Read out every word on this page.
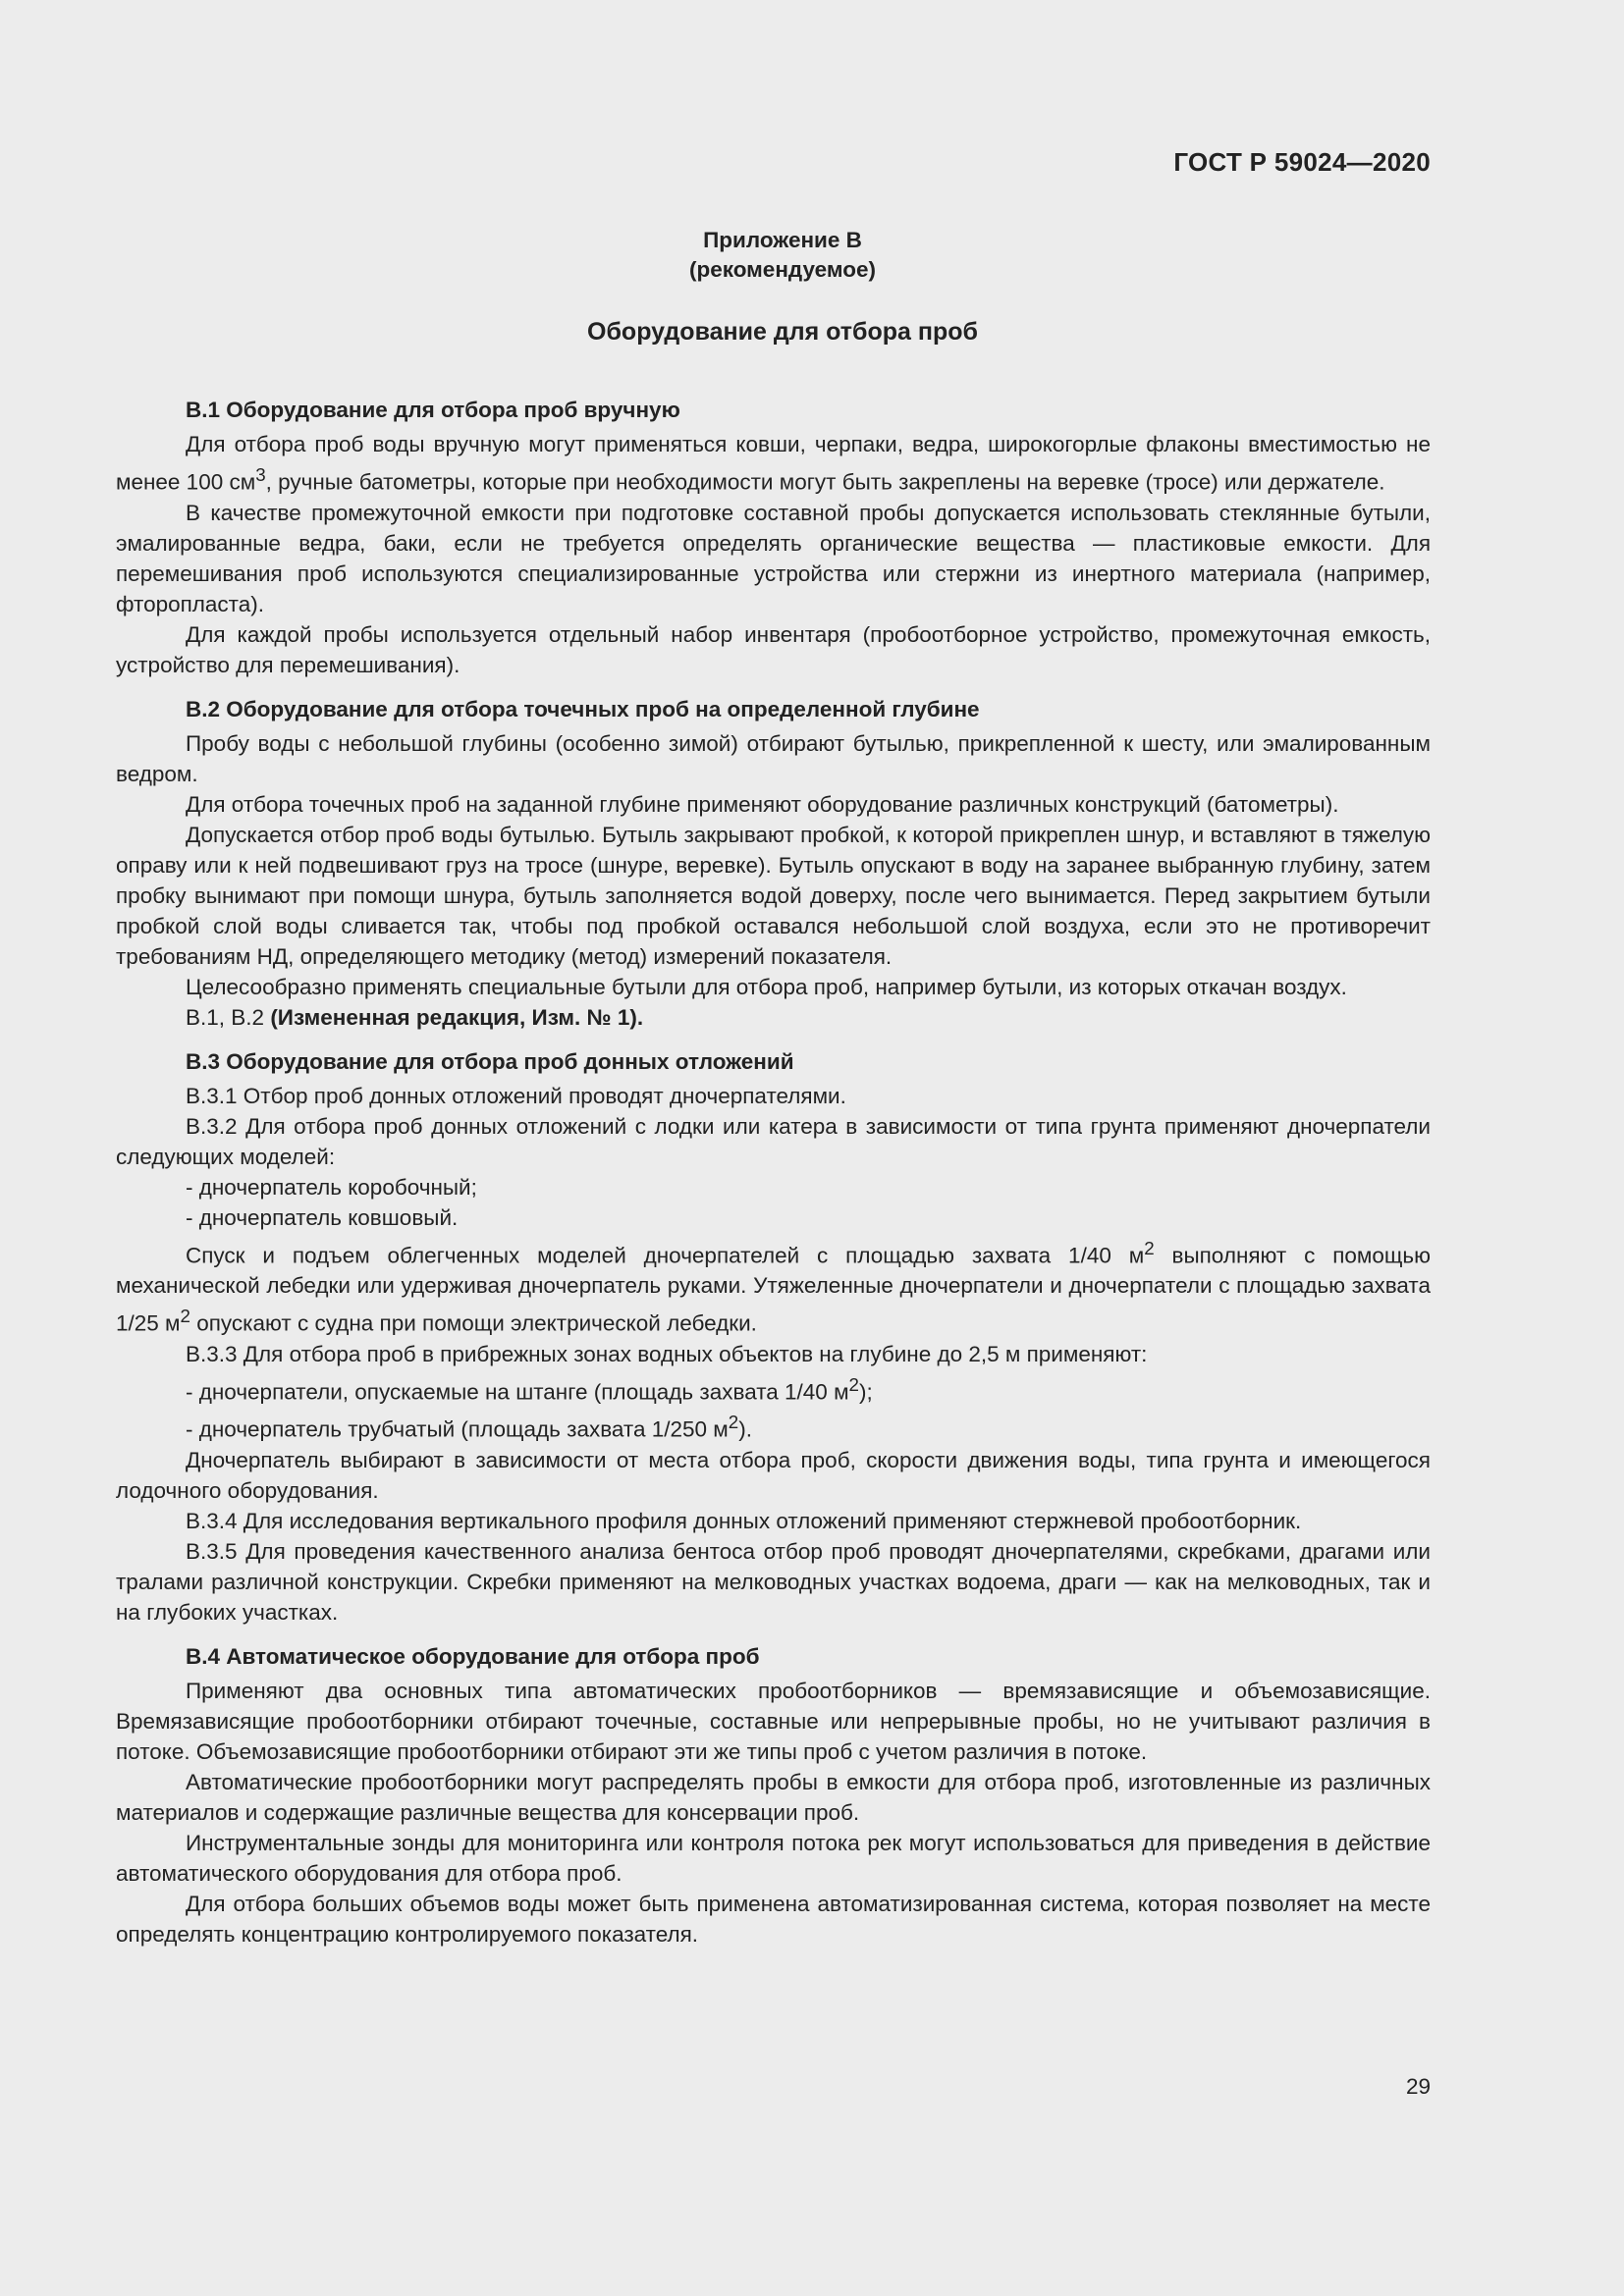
ГОСТ Р 59024—2020
Приложение В
(рекомендуемое)
Оборудование для отбора проб
В.1 Оборудование для отбора проб вручную

Для отбора проб воды вручную могут применяться ковши, черпаки, ведра, широкогорлые флаконы вместимостью не менее 100 $см^3$, ручные батометры, которые при необходимости могут быть закреплены на веревке (тросе) или держателе.

В качестве промежуточной емкости при подготовке составной пробы допускается использовать стеклянные бутыли, эмалированные ведра, баки, если не требуется определять органические вещества — пластиковые емкости. Для перемешивания проб используются специализированные устройства или стержни из инертного материала (например, фторопласта).

Для каждой пробы используется отдельный набор инвентаря (пробоотборное устройство, промежуточная емкость, устройство для перемешивания).

В.2 Оборудование для отбора точечных проб на определенной глубине

Пробу воды с небольшой глубины (особенно зимой) отбирают бутылью, прикрепленной к шесту, или эмалированным ведром.

Для отбора точечных проб на заданной глубине применяют оборудование различных конструкций (батометры).

Допускается отбор проб воды бутылью. Бутыль закрывают пробкой, к которой прикреплен шнур, и вставляют в тяжелую оправу или к ней подвешивают груз на тросе (шнуре, веревке). Бутыль опускают в воду на заранее выбранную глубину, затем пробку вынимают при помощи шнура, бутыль заполняется водой доверху, после чего вынимается. Перед закрытием бутыли пробкой слой воды сливается так, чтобы под пробкой оставался небольшой слой воздуха, если это не противоречит требованиям НД, определяющего методику (метод) измерений показателя.

Целесообразно применять специальные бутыли для отбора проб, например бутыли, из которых откачан воздух.

В.1, В.2 (Измененная редакция, Изм. № 1).

В.3 Оборудование для отбора проб донных отложений

В.3.1 Отбор проб донных отложений проводят дночерпателями.

В.3.2 Для отбора проб донных отложений с лодки или катера в зависимости от типа грунта применяют дночерпатели следующих моделей:

- дночерпатель коробочный;

- дночерпатель ковшовый.

Спуск и подъем облегченных моделей дночерпателей с площадью захвата 1/40 $м^2$ выполняют с помощью механической лебедки или удерживая дночерпатель руками. Утяжеленные дночерпатели и дночерпатели с площадью захвата 1/25 $м^2$ опускают с судна при помощи электрической лебедки.

В.3.3 Для отбора проб в прибрежных зонах водных объектов на глубине до 2,5 м применяют:

- дночерпатели, опускаемые на штанге (площадь захвата 1/40 $м^2$);

- дночерпатель трубчатый (площадь захвата 1/250 $м^2$).

Дночерпатель выбирают в зависимости от места отбора проб, скорости движения воды, типа грунта и имеющегося лодочного оборудования.

В.3.4 Для исследования вертикального профиля донных отложений применяют стержневой пробоотборник.

В.3.5 Для проведения качественного анализа бентоса отбор проб проводят дночерпателями, скребками, драгами или тралами различной конструкции. Скребки применяют на мелководных участках водоема, драги — как на мелководных, так и на глубоких участках.

В.4 Автоматическое оборудование для отбора проб

Применяют два основных типа автоматических пробоотборников — времязависящие и объемозависящие. Времязависящие пробоотборники отбирают точечные, составные или непрерывные пробы, но не учитывают различия в потоке. Объемозависящие пробоотборники отбирают эти же типы проб с учетом различия в потоке.

Автоматические пробоотборники могут распределять пробы в емкости для отбора проб, изготовленные из различных материалов и содержащие различные вещества для консервации проб.

Инструментальные зонды для мониторинга или контроля потока рек могут использоваться для приведения в действие автоматического оборудования для отбора проб.

Для отбора больших объемов воды может быть применена автоматизированная система, которая позволяет на месте определять концентрацию контролируемого показателя.

29
